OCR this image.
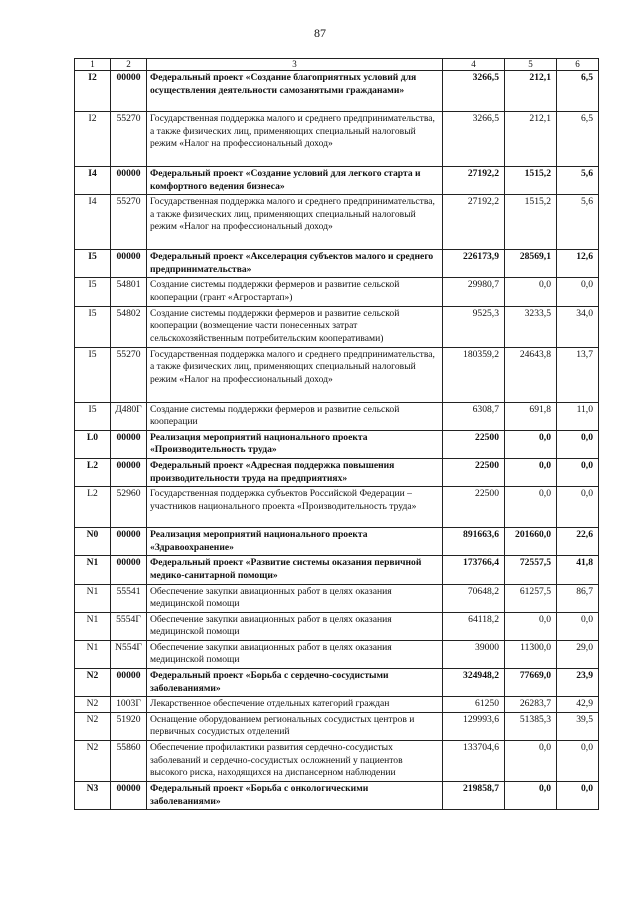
87
1	2	3	4	5	6
I2	00000	Федеральный проект «Создание благоприятных условий для осуществления деятельности самозанятыми гражданами»	3266,5	212,1	6,5
I2	55270	Государственная поддержка малого и среднего предпринимательства, а также физических лиц, применяющих специальный налоговый режим «Налог на профессиональный доход»	3266,5	212,1	6,5
I4	00000	Федеральный проект «Создание условий для легкого старта и комфортного ведения бизнеса»	27192,2	1515,2	5,6
I4	55270	Государственная поддержка малого и среднего предпринимательства, а также физических лиц, применяющих специальный налоговый режим «Налог на профессиональный доход»	27192,2	1515,2	5,6
I5	00000	Федеральный проект «Акселерация субъектов малого и среднего предпринимательства»	226173,9	28569,1	12,6
I5	54801	Создание системы поддержки фермеров и развитие сельской кооперации (грант «Агростартап»)	29980,7	0,0	0,0
I5	54802	Создание системы поддержки фермеров и развитие сельской кооперации (возмещение части понесенных затрат сельскохозяйственным потребительским кооперативами)	9525,3	3233,5	34,0
I5	55270	Государственная поддержка малого и среднего предпринимательства, а также физических лиц, применяющих специальный налоговый режим «Налог на профессиональный доход»	180359,2	24643,8	13,7
I5	Д480Г	Создание системы поддержки фермеров и развитие сельской кооперации	6308,7	691,8	11,0
L0	00000	Реализация мероприятий национального проекта «Производительность труда»	22500	0,0	0,0
L2	00000	Федеральный проект «Адресная поддержка повышения производительности труда на предприятиях»	22500	0,0	0,0
L2	52960	Государственная поддержка субъектов Российской Федерации – участников национального проекта «Производительность труда»	22500	0,0	0,0
N0	00000	Реализация мероприятий национального проекта «Здравоохранение»	891663,6	201660,0	22,6
N1	00000	Федеральный проект «Развитие системы оказания первичной медико-санитарной помощи»	173766,4	72557,5	41,8
N1	55541	Обеспечение закупки авиационных работ в целях оказания медицинской помощи	70648,2	61257,5	86,7
N1	5554Г	Обеспечение закупки авиационных работ в целях оказания медицинской помощи	64118,2	0,0	0,0
N1	N554Г	Обеспечение закупки авиационных работ в целях оказания медицинской помощи	39000	11300,0	29,0
N2	00000	Федеральный проект «Борьба с сердечно-сосудистыми заболеваниями»	324948,2	77669,0	23,9
N2	1003Г	Лекарственное обеспечение отдельных категорий граждан	61250	26283,7	42,9
N2	51920	Оснащение оборудованием региональных сосудистых центров и первичных сосудистых отделений	129993,6	51385,3	39,5
N2	55860	Обеспечение профилактики развития сердечно-сосудистых заболеваний и сердечно-сосудистых осложнений у пациентов высокого риска, находящихся на диспансерном наблюдении	133704,6	0,0	0,0
N3	00000	Федеральный проект «Борьба с онкологическими заболеваниями»	219858,7	0,0	0,0
